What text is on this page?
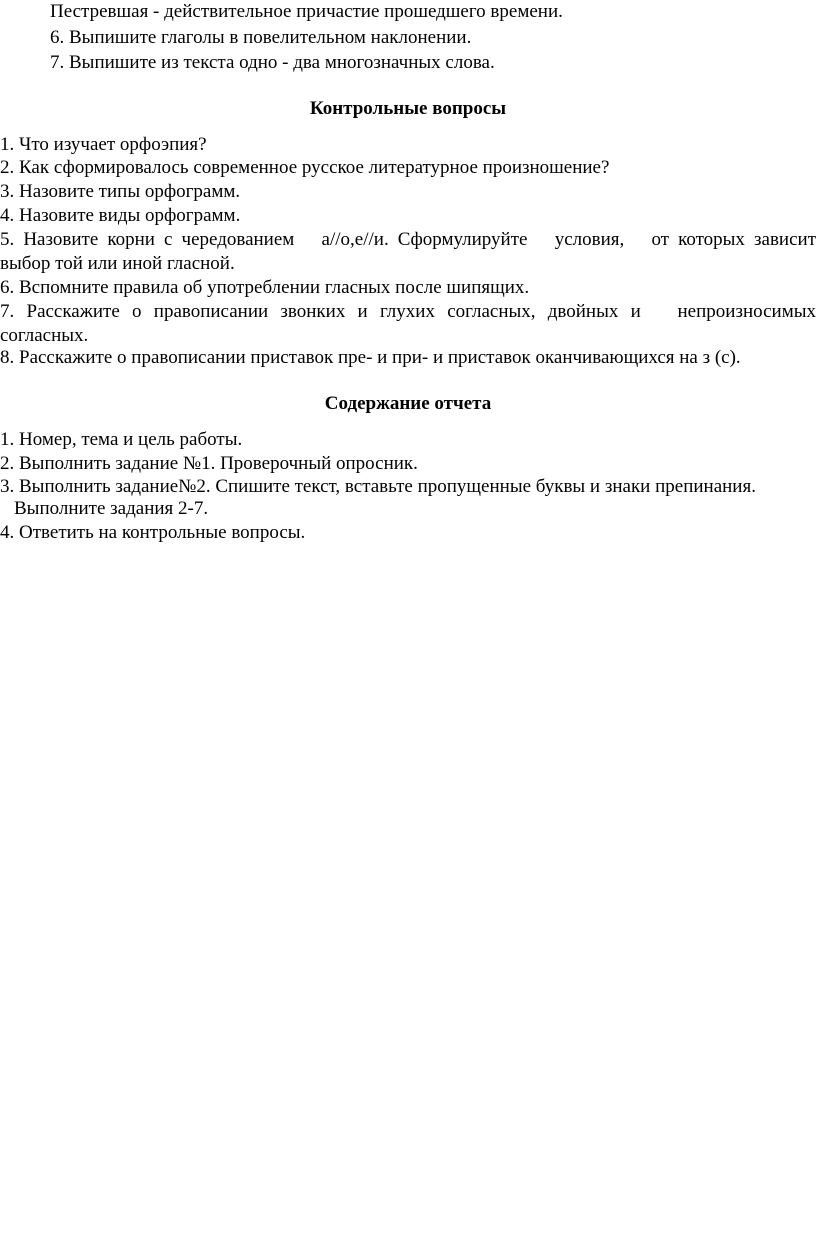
Пестревшая - действительное причастие прошедшего времени.
6. Выпишите глаголы в повелительном наклонении.
7. Выпишите из текста одно - два многозначных слова.
Контрольные вопросы
1. Что изучает орфоэпия?
2. Как сформировалось современное русское литературное произношение?
3. Назовите типы орфограмм.
4. Назовите виды орфограмм.
5. Назовите корни с чередованием   а//о,е//и. Сформулируйте   условия,   от которых зависит
выбор той или иной гласной.
6. Вспомните правила об употреблении гласных после шипящих.
7. Расскажите о правописании звонких и глухих согласных, двойных и   непроизносимых
согласных.
8. Расскажите о правописании приставок пре- и при- и приставок оканчивающихся на з (с).
Содержание отчета
1. Номер, тема и цель работы.
2. Выполнить задание №1. Проверочный опросник.
3. Выполнить задание№2. Спишите текст, вставьте пропущенные буквы и знаки препинания.
Выполните задания 2-7.
4. Ответить на контрольные вопросы.
